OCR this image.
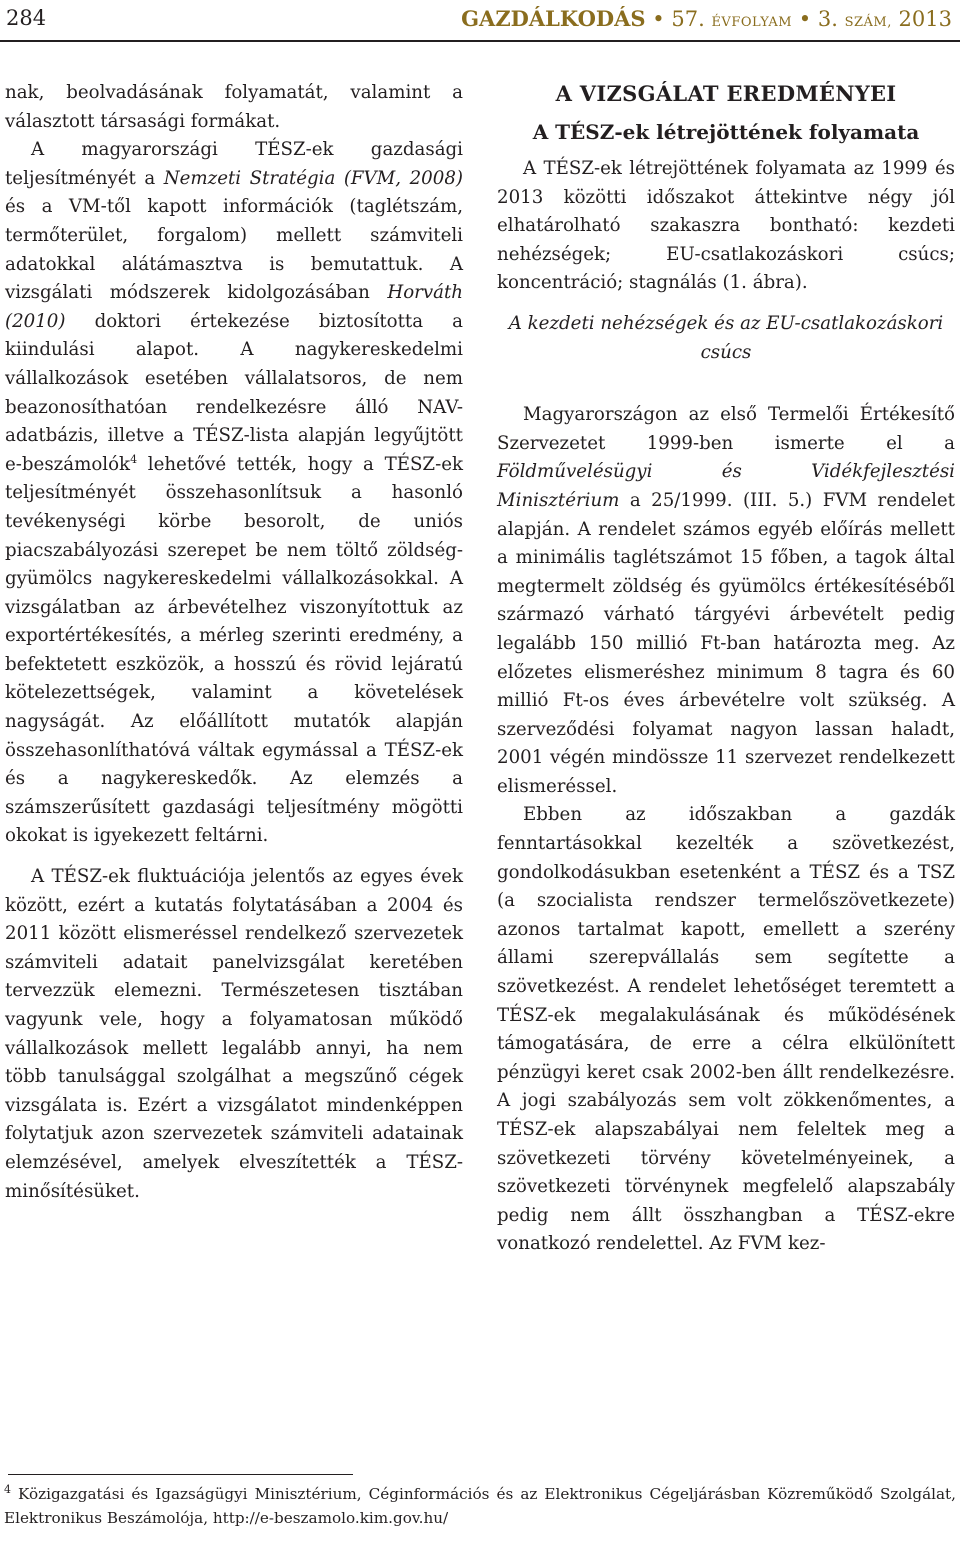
284	GAZDÁLKODÁS • 57. ÉVFOLYAM • 3. SZÁM, 2013

nak, beolvadásának folyamatát, valamint a választott társasági formákat.

A magyarországi TÉSZ-ek gazdasági teljesítményét a Nemzeti Stratégia (FVM, 2008) és a VM-től kapott információk (taglétszám, termőterület, forgalom) mellett számviteli adatokkal alátámasztva is bemutattuk. A vizsgálati módszerek kidolgozásában Horváth (2010) doktori értekezése biztosította a kiindulási alapot. A nagykereskedelmi vállalkozások esetében vállalatsoros, de nem beazonosíthatóan rendelkezésre álló NAV-adatbázis, illetve a TÉSZ-lista alapján legyűjtött e-beszámolók$^4$ lehetővé tették, hogy a TÉSZ-ek teljesítményét összehasonlítsuk a hasonló tevékenységi körbe besorolt, de uniós piacszabályozási szerepet be nem töltő zöldség-gyümölcs nagykereskedelmi vállalkozásokkal. A vizsgálatban az árbevételhez viszonyítottuk az exportértékesítés, a mérleg szerinti eredmény, a befektetett eszközök, a hosszú és rövid lejáratú kötelezettségek, valamint a követelések nagyságát. Az előállított mutatók alapján összehasonlíthatóvá váltak egymással a TÉSZ-ek és a nagykereskedők. Az elemzés a számszerűsített gazdasági teljesítmény mögötti okokat is igyekezett feltárni.

A TÉSZ-ek fluktuációja jelentős az egyes évek között, ezért a kutatás folytatásában a 2004 és 2011 között elismeréssel rendelkező szervezetek számviteli adatait panelvizsgálat keretében tervezzük elemezni. Természetesen tisztában vagyunk vele, hogy a folyamatosan működő vállalkozások mellett legalább annyi, ha nem több tanulsággal szolgálhat a megszűnő cégek vizsgálata is. Ezért a vizsgálatot mindenképpen folytatjuk azon szervezetek számviteli adatainak elemzésével, amelyek elveszítették a TÉSZ-minősítésüket.

A VIZSGÁLAT EREDMÉNYEI

A TÉSZ-ek létrejöttének folyamata

A TÉSZ-ek létrejöttének folyamata az 1999 és 2013 közötti időszakot áttekintve négy jól elhatárolható szakaszra bontható: kezdeti nehézségek; EU-csatlakozáskori csúcs; koncentráció; stagnálás (1. ábra).

A kezdeti nehézségek és az EU-csatlakozáskori csúcs

Magyarországon az első Termelői Értékesítő Szervezetet 1999-ben ismerte el a Földművelésügyi és Vidékfejlesztési Minisztérium a 25/1999. (III. 5.) FVM rendelet alapján. A rendelet számos egyéb előírás mellett a minimális taglétszámot 15 főben, a tagok által megtermelt zöldség és gyümölcs értékesítéséből származó várható tárgyévi árbevételt pedig legalább 150 millió Ft-ban határozta meg. Az előzetes elismeréshez minimum 8 tagra és 60 millió Ft-os éves árbevételre volt szükség. A szerveződési folyamat nagyon lassan haladt, 2001 végén mindössze 11 szervezet rendelkezett elismeréssel.

Ebben az időszakban a gazdák fenntartásokkal kezelték a szövetkezést, gondolkodásukban esetenként a TÉSZ és a TSZ (a szocialista rendszer termelőszövetkezete) azonos tartalmat kapott, emellett a szerény állami szerepvállalás sem segítette a szövetkezést. A rendelet lehetőséget teremtett a TÉSZ-ek megalakulásának és működésének támogatására, de erre a célra elkülönített pénzügyi keret csak 2002-ben állt rendelkezésre. A jogi szabályozás sem volt zökkenőmentes, a TÉSZ-ek alapszabályai nem feleltek meg a szövetkezeti törvény követelményeinek, a szövetkezeti törvénynek megfelelő alapszabály pedig nem állt összhangban a TÉSZ-ekre vonatkozó rendelettel. Az FVM kez-

$^4$ Közigazgatási és Igazságügyi Minisztérium, Céginformációs és az Elektronikus Cégeljárásban Közreműködő Szolgálat, Elektronikus Beszámolója, http://e-beszamolo.kim.gov.hu/
